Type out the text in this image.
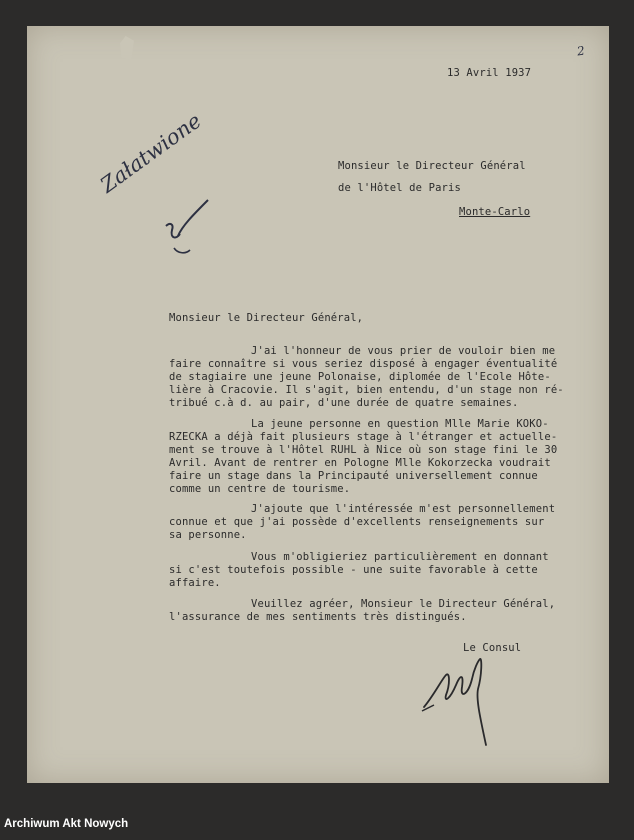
13 Avril 1937

2

Monsieur le Directeur Général

de l'Hôtel de Paris

Monte-Carlo

Załatwione

Monsieur le Directeur Général,

J'ai l'honneur de vous prier de vouloir bien me

faire connaître si vous seriez disposé à engager éventualité

de stagiaire une jeune Polonaise, diplomée de l'Ecole Hôte-

lière à Cracovie. Il s'agit, bien entendu, d'un stage non ré-

tribué c.à d. au pair, d'une durée de quatre semaines.

La jeune personne en question Mlle Marie KOKO-

RZECKA a déjà fait plusieurs stage à l'étranger et actuelle-

ment se trouve à l'Hôtel RUHL à Nice où son stage fini le 30

Avril. Avant de rentrer en Pologne Mlle Kokorzecka voudrait

faire un stage dans la Principauté universellement connue

comme un centre de tourisme.

J'ajoute que l'intéressée m'est personnellement

connue et que j'ai possède d'excellents renseignements sur

sa personne.

Vous m'obligieriez particulièrement en donnant

si c'est toutefois possible - une suite favorable à cette

affaire.

Veuillez agréer, Monsieur le Directeur Général,

l'assurance de mes sentiments très distingués.

Le Consul

Archiwum Akt Nowych
